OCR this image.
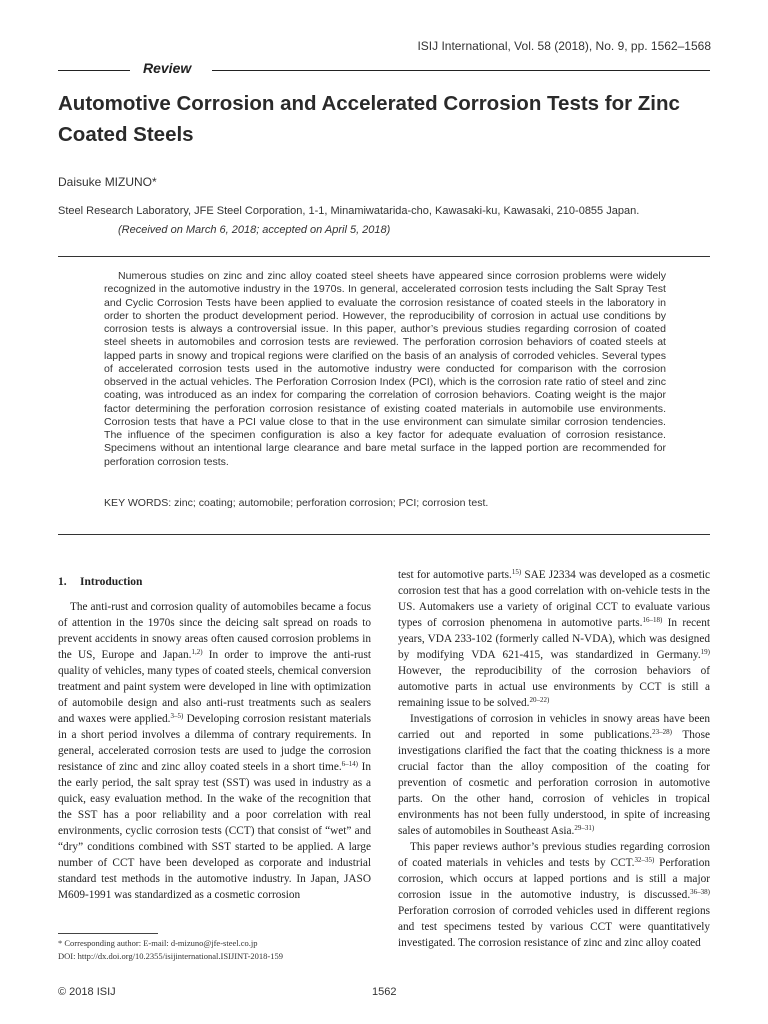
ISIJ International, Vol. 58 (2018), No. 9, pp. 1562–1568
Review
Automotive Corrosion and Accelerated Corrosion Tests for Zinc Coated Steels
Daisuke MIZUNO*
Steel Research Laboratory, JFE Steel Corporation, 1-1, Minamiwatarida-cho, Kawasaki-ku, Kawasaki, 210-0855 Japan.
(Received on March 6, 2018; accepted on April 5, 2018)
Numerous studies on zinc and zinc alloy coated steel sheets have appeared since corrosion problems were widely recognized in the automotive industry in the 1970s. In general, accelerated corrosion tests including the Salt Spray Test and Cyclic Corrosion Tests have been applied to evaluate the corrosion resistance of coated steels in the laboratory in order to shorten the product development period. However, the reproducibility of corrosion in actual use conditions by corrosion tests is always a controversial issue. In this paper, author’s previous studies regarding corrosion of coated steel sheets in automobiles and corrosion tests are reviewed. The perforation corrosion behaviors of coated steels at lapped parts in snowy and tropical regions were clarified on the basis of an analysis of corroded vehicles. Several types of accelerated corrosion tests used in the automotive industry were conducted for comparison with the corrosion observed in the actual vehicles. The Perforation Corrosion Index (PCI), which is the corrosion rate ratio of steel and zinc coating, was introduced as an index for comparing the correlation of corrosion behaviors. Coating weight is the major factor determining the perforation corrosion resistance of existing coated materials in automobile use environments. Corrosion tests that have a PCI value close to that in the use environment can simulate similar corrosion tendencies. The influence of the specimen configuration is also a key factor for adequate evaluation of corrosion resistance. Specimens without an intentional large clearance and bare metal surface in the lapped portion are recommended for perforation corrosion tests.
KEY WORDS: zinc; coating; automobile; perforation corrosion; PCI; corrosion test.
1. Introduction

The anti-rust and corrosion quality of automobiles became a focus of attention in the 1970s since the deicing salt spread on roads to prevent accidents in snowy areas often caused corrosion problems in the US, Europe and Japan.$^{1,2)}$ In order to improve the anti-rust quality of vehicles, many types of coated steels, chemical conversion treatment and paint system were developed in line with optimization of automobile design and also anti-rust treatments such as sealers and waxes were applied.$^{3-5)}$ Developing corrosion resistant materials in a short period involves a dilemma of contrary requirements. In general, accelerated corrosion tests are used to judge the corrosion resistance of zinc and zinc alloy coated steels in a short time.$^{6-14)}$ In the early period, the salt spray test (SST) was used in industry as a quick, easy evaluation method. In the wake of the recognition that the SST has a poor reliability and a poor correlation with real environments, cyclic corrosion tests (CCT) that consist of “wet” and “dry” conditions combined with SST started to be applied. A large number of CCT have been developed as corporate and industrial standard test methods in the automotive industry. In Japan, JASO M609-1991 was standardized as a cosmetic corrosion

test for automotive parts.$^{15)}$ SAE J2334 was developed as a cosmetic corrosion test that has a good correlation with on-vehicle tests in the US. Automakers use a variety of original CCT to evaluate various types of corrosion phenomena in automotive parts.$^{16-18)}$ In recent years, VDA 233-102 (formerly called N-VDA), which was designed by modifying VDA 621-415, was standardized in Germany.$^{19)}$ However, the reproducibility of the corrosion behaviors of automotive parts in actual use environments by CCT is still a remaining issue to be solved.$^{20-22)}$

Investigations of corrosion in vehicles in snowy areas have been carried out and reported in some publications.$^{23-28)}$ Those investigations clarified the fact that the coating thickness is a more crucial factor than the alloy composition of the coating for prevention of cosmetic and perforation corrosion in automotive parts. On the other hand, corrosion of vehicles in tropical environments has not been fully understood, in spite of increasing sales of automobiles in Southeast Asia.$^{29-31)}$

This paper reviews author’s previous studies regarding corrosion of coated materials in vehicles and tests by CCT.$^{32-35)}$ Perforation corrosion, which occurs at lapped portions and is still a major corrosion issue in the automotive industry, is discussed.$^{36-38)}$ Perforation corrosion of corroded vehicles used in different regions and test specimens tested by various CCT were quantitatively investigated. The corrosion resistance of zinc and zinc alloy coated

* Corresponding author: E-mail: d-mizuno@jfe-steel.co.jp
DOI: http://dx.doi.org/10.2355/isijinternational.ISIJINT-2018-159
© 2018 ISIJ	1562
